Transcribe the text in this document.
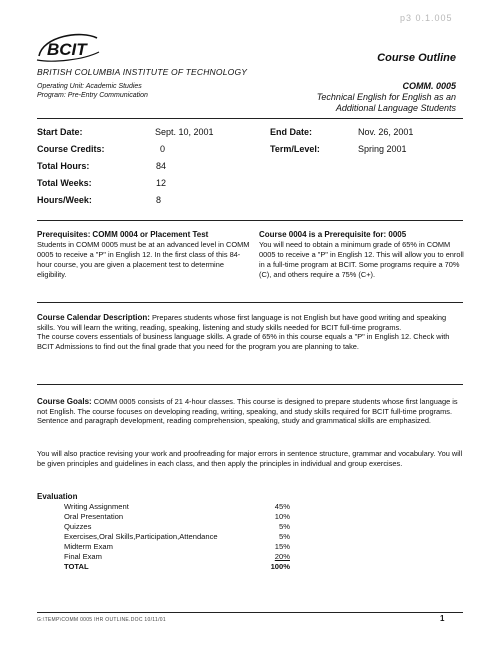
p3 0.1.005
BCIT
BRITISH COLUMBIA INSTITUTE OF TECHNOLOGY
Operating Unit: Academic Studies
Program: Pre-Entry Communication
Course Outline
COMM. 0005
Technical English for English as an
Additional Language Students
Start Date:	Sept. 10, 2001	End Date:	Nov. 26, 2001
Course Credits:	0	Term/Level:	Spring 2001
Total Hours:	84
Total Weeks:	12
Hours/Week:	8
Prerequisites: COMM 0004 or Placement Test
Students in COMM 0005 must be at an advanced level in COMM 0005 to receive a "P" in English 12. In the first class of this 84-hour course, you are given a placement test to determine eligibility.
Course 0004 is a Prerequisite for: 0005
You will need to obtain a minimum grade of 65% in COMM 0005 to receive a "P" in English 12. This will allow you to enroll in a full-time program at BCIT. Some programs require a 70% (C), and others require a 75% (C+).
Course Calendar Description: Prepares students whose first language is not English but have good writing and speaking skills. You will learn the writing, reading, speaking, listening and study skills needed for BCIT full-time programs.
The course covers essentials of business language skills. A grade of 65% in this course equals a "P" in English 12. Check with BCIT Admissions to find out the final grade that you need for the program you are planning to take.
Course Goals: COMM 0005 consists of 21 4-hour classes. This course is designed to prepare students whose first language is not English. The course focuses on developing reading, writing, speaking, and study skills required for BCIT full-time programs. Sentence and paragraph development, reading comprehension, speaking, study and grammatical skills are emphasized.
You will also practice revising your work and proofreading for major errors in sentence structure, grammar and vocabulary. You will be given principles and guidelines in each class, and then apply the principles in individual and group exercises.
Evaluation
Writing Assignment	45%
Oral Presentation	10%
Quizzes	5%
Exercises,Oral Skills,Participation,Attendance	5%
Midterm Exam	15%
Final Exam	20%
TOTAL	100%
G:\TEMP\COMM 0005 IHR OUTLINE.DOC 10/11/01	1
